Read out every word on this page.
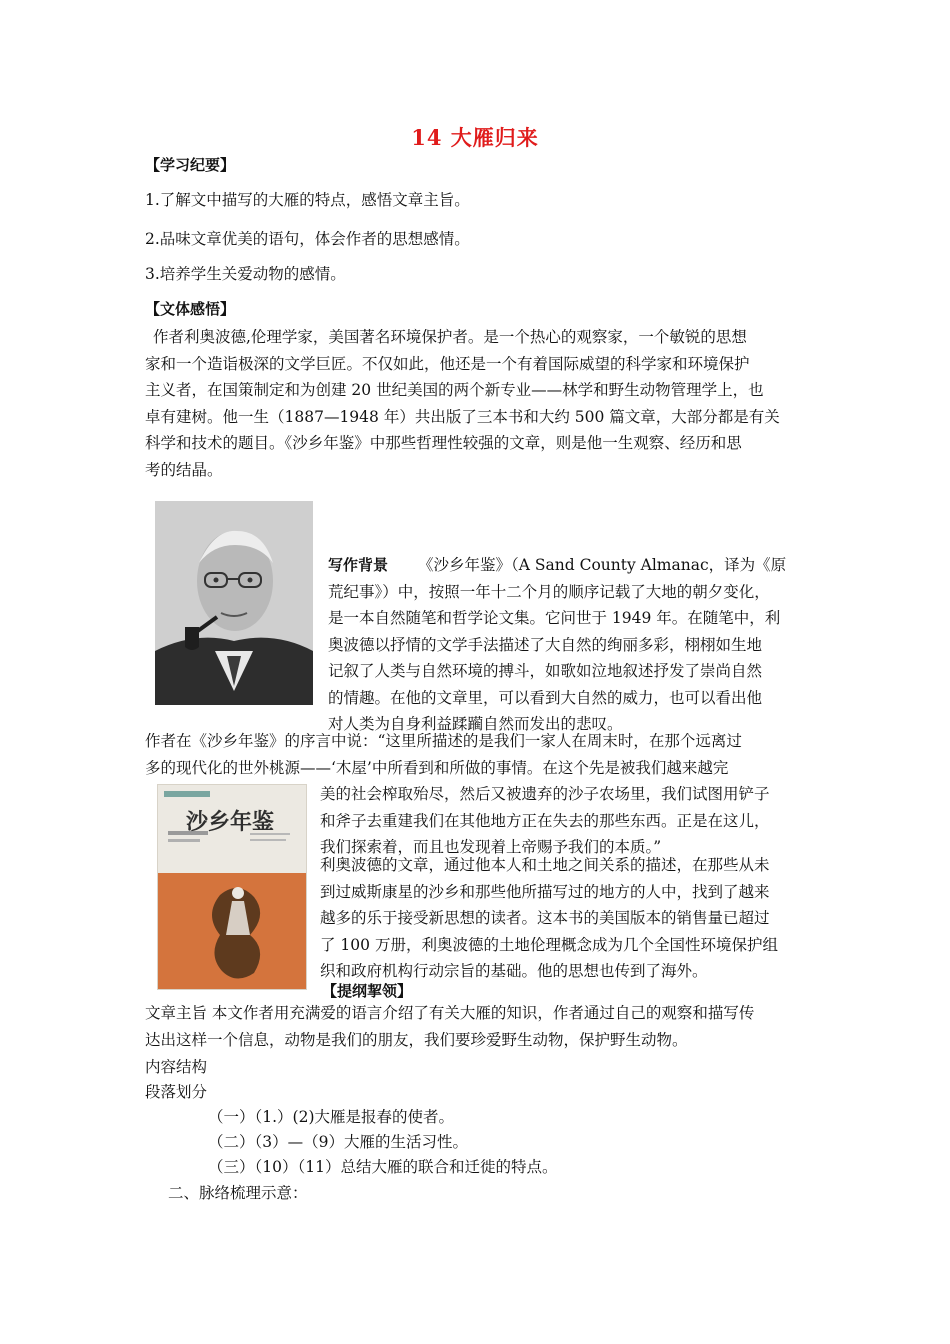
14 大雁归来
【学习纪要】
1.了解文中描写的大雁的特点，感悟文章主旨。
2.品味文章优美的语句，体会作者的思想感情。
3.培养学生关爱动物的感情。
【文体感悟】
作者利奥波德,伦理学家，美国著名环境保护者。是一个热心的观察家，一个敏锐的思想
家和一个造诣极深的文学巨匠。不仅如此，他还是一个有着国际威望的科学家和环境保护
主义者，在国策制定和为创建 20 世纪美国的两个新专业——林学和野生动物管理学上，也
卓有建树。他一生（1887—1948 年）共出版了三本书和大约 500 篇文章，大部分都是有关
科学和技术的题目。《沙乡年鉴》中那些哲理性较强的文章，则是他一生观察、经历和思
考的结晶。
写作背景 《沙乡年鉴》（A Sand County Almanac，译为《原
荒纪事》）中，按照一年十二个月的顺序记载了大地的朝夕变化，
是一本自然随笔和哲学论文集。它问世于 1949 年。在随笔中，利
奥波德以抒情的文学手法描述了大自然的绚丽多彩，栩栩如生地
记叙了人类与自然环境的搏斗，如歌如泣地叙述抒发了崇尚自然
的情趣。在他的文章里，可以看到大自然的威力，也可以看出他
对人类为自身利益蹂躏自然而发出的悲叹。
作者在《沙乡年鉴》的序言中说：“这里所描述的是我们一家人在周末时，在那个远离过
多的现代化的世外桃源——‘木屋’中所看到和所做的事情。在这个先是被我们越来越完
美的社会榨取殆尽，然后又被遗弃的沙子农场里，我们试图用铲子
和斧子去重建我们在其他地方正在失去的那些东西。正是在这儿，
我们探索着，而且也发现着上帝赐予我们的本质。”
沙乡年鉴
利奥波德的文章，通过他本人和土地之间关系的描述，在那些从未
到过威斯康星的沙乡和那些他所描写过的地方的人中，找到了越来
越多的乐于接受新思想的读者。这本书的美国版本的销售量已超过
了 100 万册，利奥波德的土地伦理概念成为几个全国性环境保护组
织和政府机构行动宗旨的基础。他的思想也传到了海外。
【提纲挈领】
文章主旨 本文作者用充满爱的语言介绍了有关大雁的知识，作者通过自己的观察和描写传
达出这样一个信息，动物是我们的朋友，我们要珍爱野生动物，保护野生动物。
内容结构
段落划分
（一）（1.）(2)大雁是报春的使者。
（二）（3）—（9）大雁的生活习性。
（三）（10）（11）总结大雁的联合和迁徙的特点。
二、脉络梳理示意：
